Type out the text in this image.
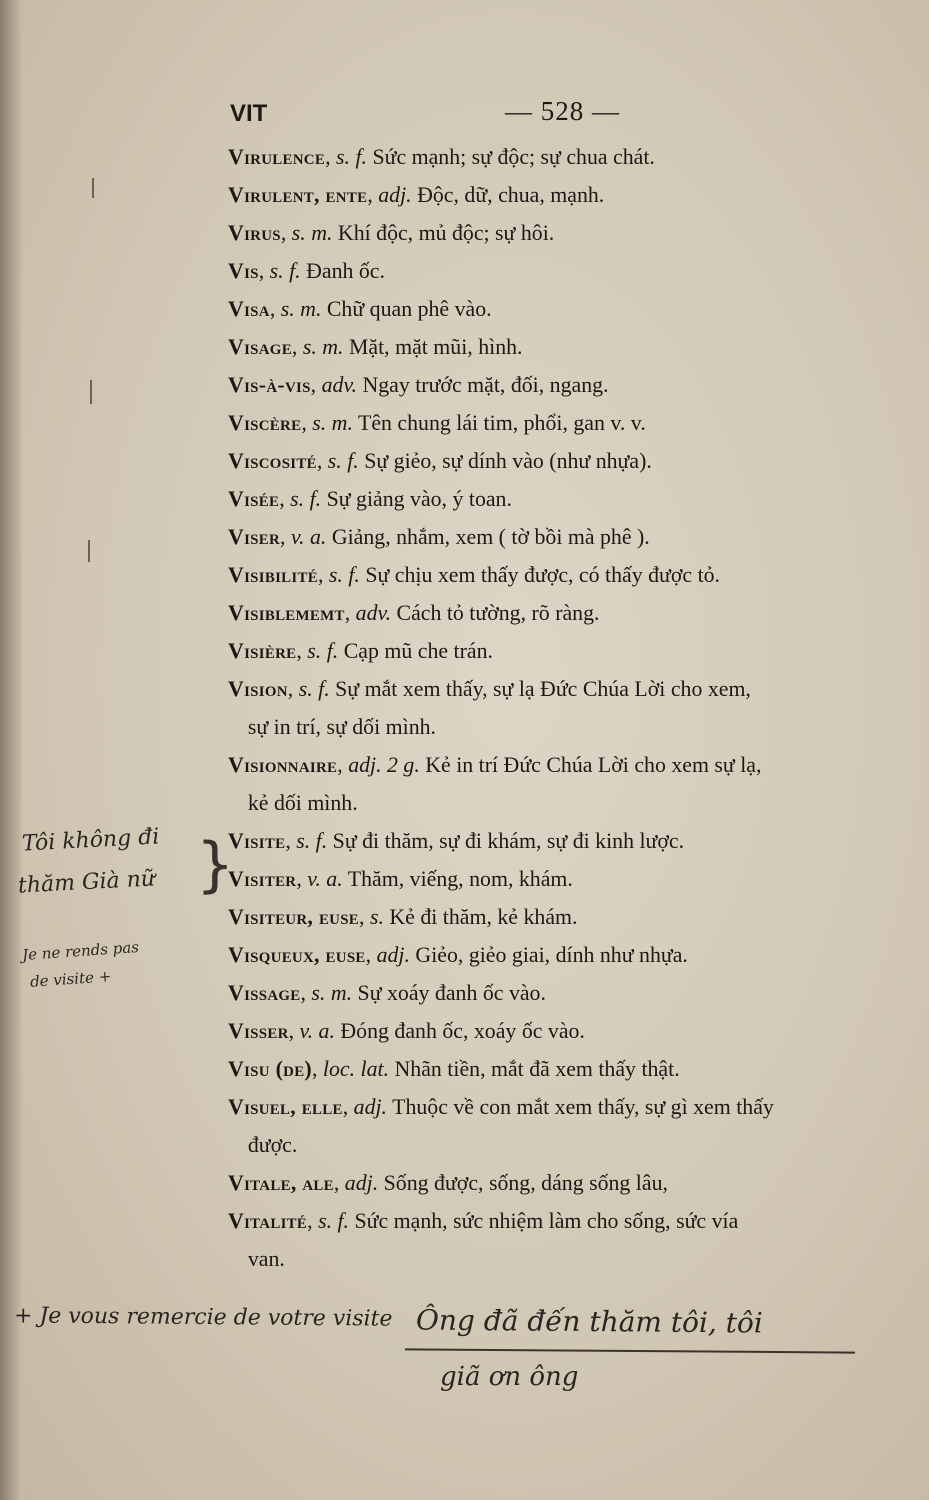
VIT	— 528 —
Virulence, s. f. Sức mạnh; sự độc; sự chua chát.
Virulent, ente, adj. Độc, dữ, chua, mạnh.
Virus, s. m. Khí độc, mủ độc; sự hôi.
Vis, s. f. Đanh ốc.
Visa, s. m. Chữ quan phê vào.
Visage, s. m. Mặt, mặt mũi, hình.
Vis-à-vis, adv. Ngay trước mặt, đối, ngang.
Viscère, s. m. Tên chung lái tim, phổi, gan v. v.
Viscosité, s. f. Sự giẻo, sự dính vào (như nhựa).
Visée, s. f. Sự giảng vào, ý toan.
Viser, v. a. Giảng, nhắm, xem ( tờ bồi mà phê ).
Visibilité, s. f. Sự chịu xem thấy được, có thấy được tỏ.
Visiblememt, adv. Cách tỏ tường, rõ ràng.
Visière, s. f. Cạp mũ che trán.
Vision, s. f. Sự mắt xem thấy, sự lạ Đức Chúa Lời cho xem,
sự in trí, sự dối mình.
Visionnaire, adj. 2 g. Kẻ in trí Đức Chúa Lời cho xem sự lạ,
kẻ dối mình.
Visite, s. f. Sự đi thăm, sự đi khám, sự đi kinh lược.
Visiter, v. a. Thăm, viếng, nom, khám.
Visiteur, euse, s. Kẻ đi thăm, kẻ khám.
Visqueux, euse, adj. Giẻo, giẻo giai, dính như nhựa.
Vissage, s. m. Sự xoáy đanh ốc vào.
Visser, v. a. Đóng đanh ốc, xoáy ốc vào.
Visu (de), loc. lat. Nhãn tiền, mắt đã xem thấy thật.
Visuel, elle, adj. Thuộc về con mắt xem thấy, sự gì xem thấy
được.
Vitale, ale, adj. Sống được, sống, dáng sống lâu,
Vitalité, s. f. Sức mạnh, sức nhiệm làm cho sống, sức vía
van.
}
Tôi không đi
thăm Già nữ
Je ne rends pas
de visite +
+ Je vous remercie de votre visite Ông đã đến thăm tôi, tôi
giã ơn ông
